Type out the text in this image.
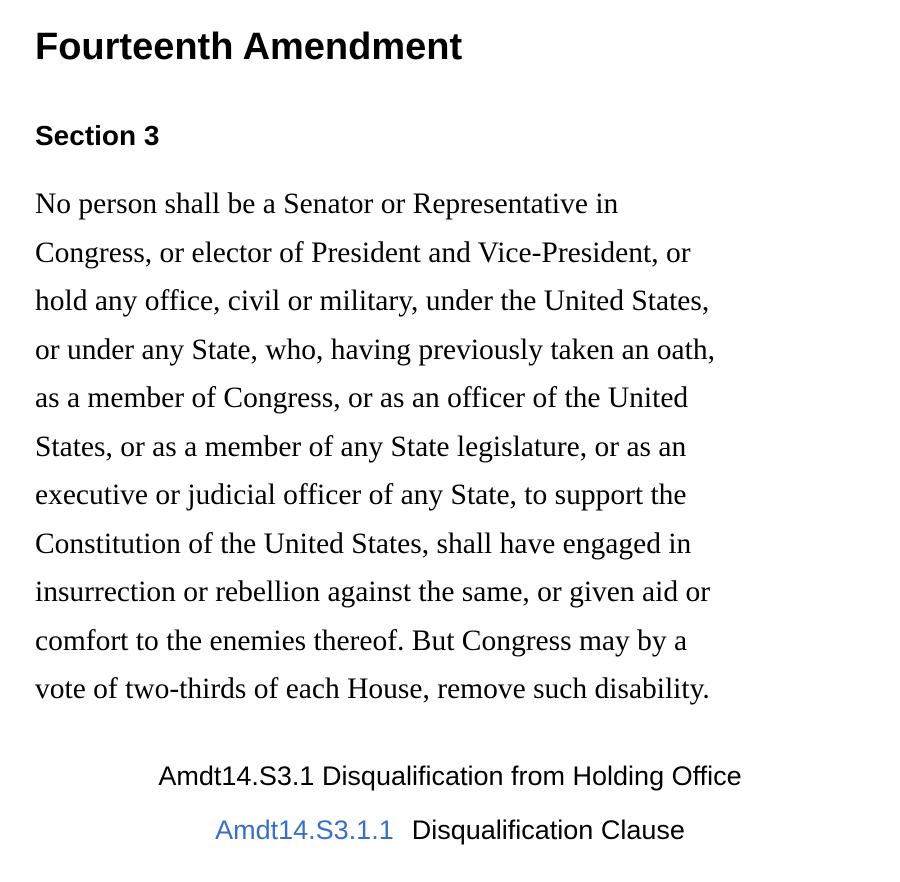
Fourteenth Amendment
Section 3

No person shall be a Senator or Representative in
Congress, or elector of President and Vice-President, or
hold any office, civil or military, under the United States,
or under any State, who, having previously taken an oath,
as a member of Congress, or as an officer of the United
States, or as a member of any State legislature, or as an
executive or judicial officer of any State, to support the
Constitution of the United States, shall have engaged in
insurrection or rebellion against the same, or given aid or
comfort to the enemies thereof. But Congress may by a
vote of two-thirds of each House, remove such disability.

Amdt14.S3.1 Disqualification from Holding Office
Amdt14.S3.1.1 Disqualification Clause
